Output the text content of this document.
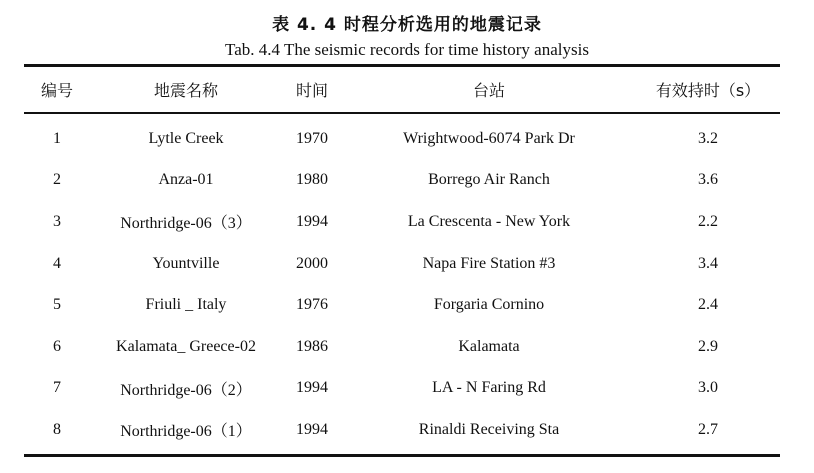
表 4. 4 时程分析选用的地震记录
Tab. 4.4 The seismic records for time history analysis
编号	地震名称	时间	台站	有效持时（s）
1	Lytle Creek	1970	Wrightwood-6074 Park Dr	3.2
2	Anza-01	1980	Borrego Air Ranch	3.6
3	Northridge-06（3）	1994	La Crescenta - New York	2.2
4	Yountville	2000	Napa Fire Station #3	3.4
5	Friuli _ Italy	1976	Forgaria Cornino	2.4
6	Kalamata_ Greece-02	1986	Kalamata	2.9
7	Northridge-06（2）	1994	LA - N Faring Rd	3.0
8	Northridge-06（1）	1994	Rinaldi Receiving Sta	2.7
